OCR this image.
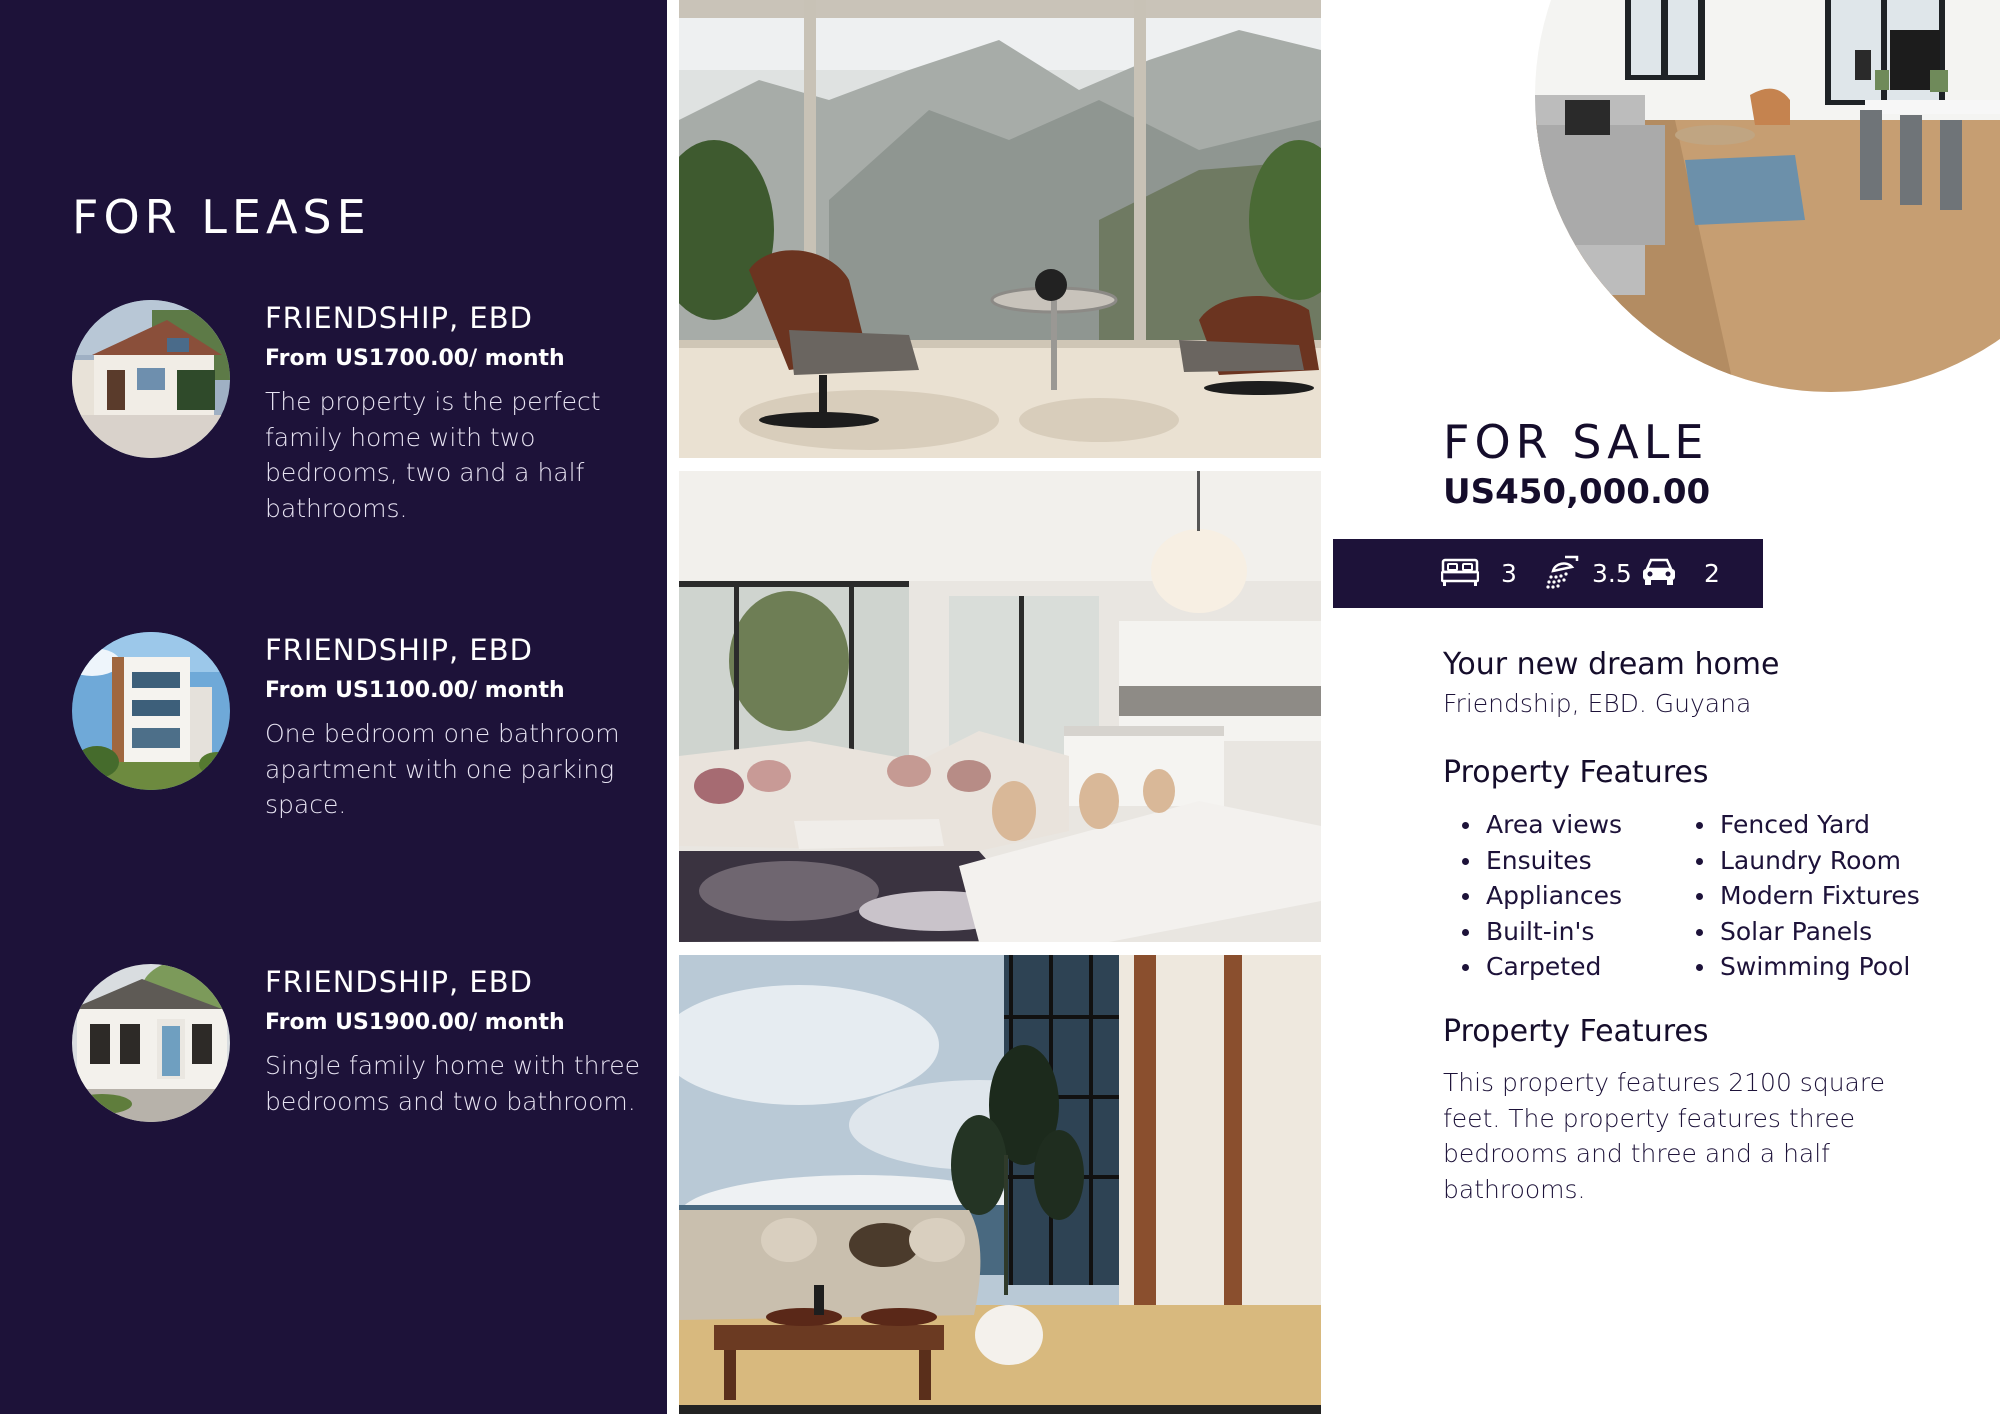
FOR LEASE
FRIENDSHIP, EBD
From US1700.00/ month
The property is the perfect family home with two bedrooms, two and a half bathrooms.
FRIENDSHIP, EBD
From US1100.00/ month
One bedroom one bathroom apartment with one parking space.
FRIENDSHIP, EBD
From US1900.00/ month
Single family home with three bedrooms and two bathroom.
FOR SALE
US450,000.00
3	3.5	2
Your new dream home
Friendship, EBD. Guyana
Property Features
Area views
Ensuites
Appliances
Built-in's
Carpeted
Fenced Yard
Laundry Room
Modern Fixtures
Solar Panels
Swimming Pool
Property Features
This property features 2100 square feet. The property features three bedrooms and three and a half bathrooms.
